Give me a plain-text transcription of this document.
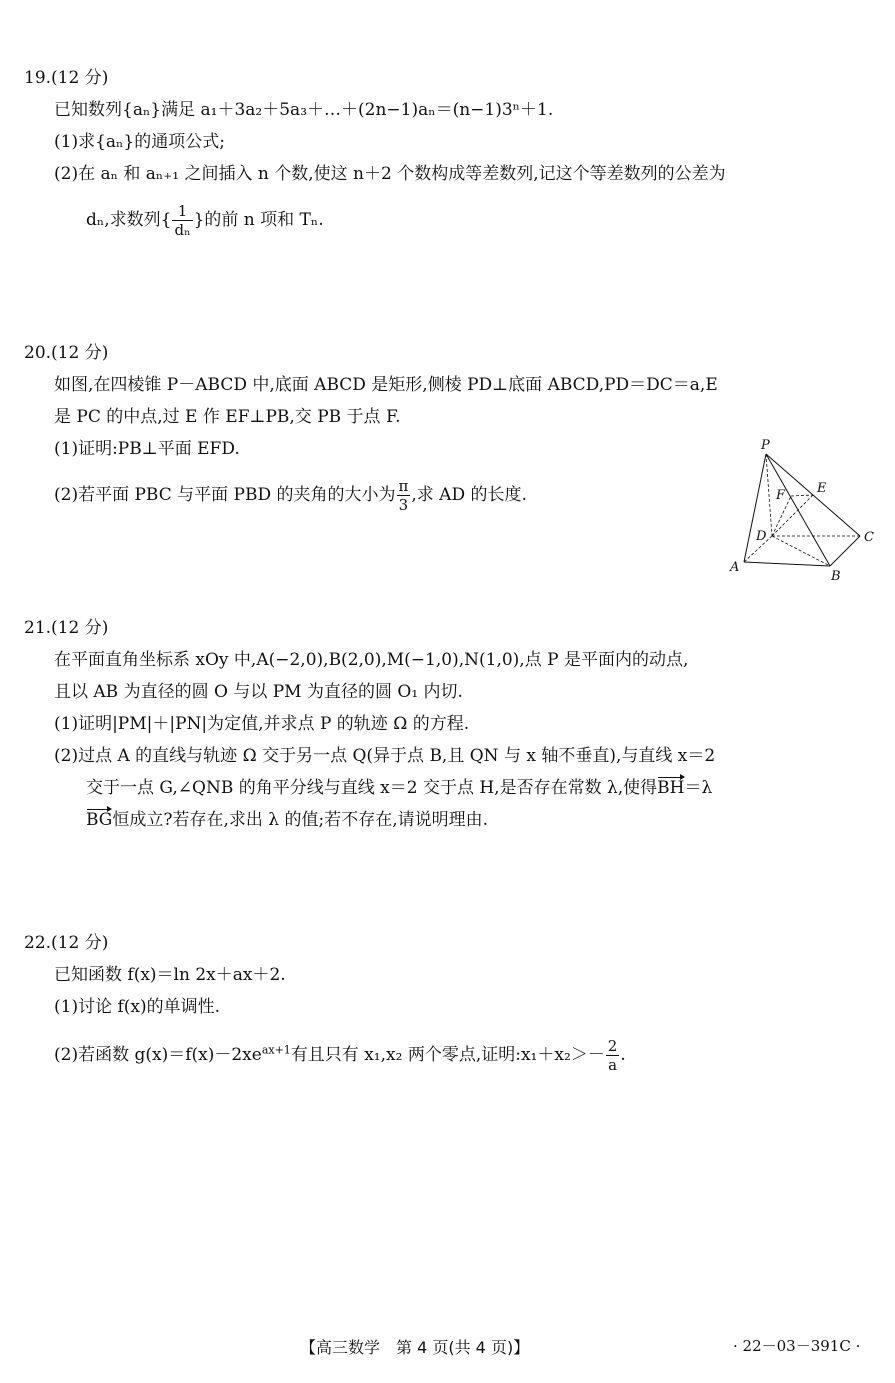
19.(12 分)
已知数列{aₙ}满足 a₁＋3a₂＋5a₃＋…＋(2n−1)aₙ＝(n−1)3ⁿ＋1.
(1)求{aₙ}的通项公式;
(2)在 aₙ 和 aₙ₊₁ 之间插入 n 个数,使这 n＋2 个数构成等差数列,记这个等差数列的公差为
dₙ,求数列{ $\frac{1}{\text{dₙ}}$ }的前 n 项和 Tₙ.
20.(12 分)
如图,在四棱锥 P－ABCD 中,底面 ABCD 是矩形,侧棱 PD⊥底面 ABCD,PD＝DC＝a,E
是 PC 的中点,过 E 作 EF⊥PB,交 PB 于点 F.
(1)证明:PB⊥平面 EFD.
(2)若平面 PBC 与平面 PBD 的夹角的大小为 $\frac{\pi}{3}$ ,求 AD 的长度.
P
E
F
D	C
A
B
21.(12 分)
在平面直角坐标系 xOy 中,A(−2,0),B(2,0),M(−1,0),N(1,0),点 P 是平面内的动点,
且以 AB 为直径的圆 O 与以 PM 为直径的圆 O₁ 内切.
(1)证明|PM|＋|PN|为定值,并求点 P 的轨迹 Ω 的方程.
(2)过点 A 的直线与轨迹 Ω 交于另一点 Q(异于点 B,且 QN 与 x 轴不垂直),与直线 x＝2
交于一点 G,∠QNB 的角平分线与直线 x＝2 交于点 H,是否存在常数 λ,使得BH＝λ
BG恒成立?若存在,求出 λ 的值;若不存在,请说明理由.
22.(12 分)
已知函数 f(x)＝ln 2x＋ax＋2.
(1)讨论 f(x)的单调性.
(2)若函数 $g(x)=f(x)-2xe^{ax+1}$有且只有 x₁,x₂ 两个零点,证明:x₁＋x₂＞－ $\frac{2}{a}$ .
【高三数学　第 4 页(共 4 页)】	· 22－03－391C ·
